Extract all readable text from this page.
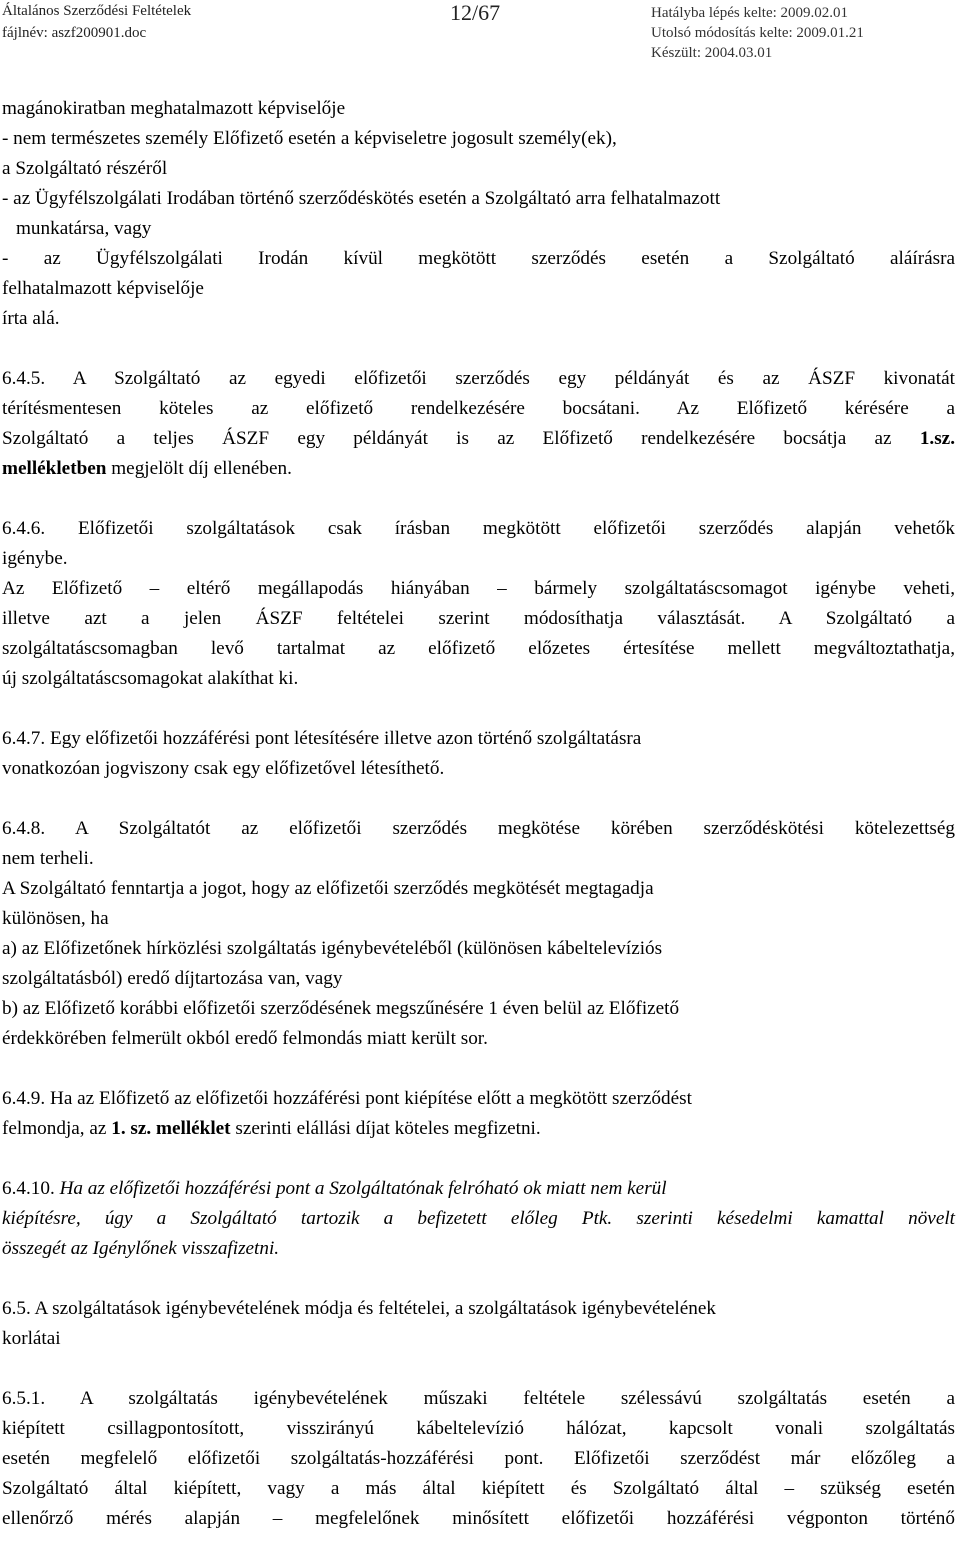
Általános Szerződési Feltételek
fájlnév: aszf200901.doc
12/67	Hatályba lépés kelte: 2009.02.01
Utolsó módosítás kelte: 2009.01.21
Készült: 2004.03.01

magánokiratban meghatalmazott képviselője

- nem természetes személy Előfizető esetén a képviseletre jogosult személy(ek),

a Szolgáltató részéről

- az Ügyfélszolgálati Irodában történő szerződéskötés esetén a Szolgáltató arra felhatalmazott

munkatársa, vagy

- az Ügyfélszolgálati Irodán kívül megkötött szerződés esetén a Szolgáltató aláírásra

felhatalmazott képviselője

írta alá.

6.4.5. A Szolgáltató az egyedi előfizetői szerződés egy példányát és az ÁSZF kivonatát

térítésmentesen köteles az előfizető rendelkezésére bocsátani. Az Előfizető kérésére a

Szolgáltató a teljes ÁSZF egy példányát is az Előfizető rendelkezésére bocsátja az 1.sz.

mellékletben megjelölt díj ellenében.

6.4.6. Előfizetői szolgáltatások csak írásban megkötött előfizetői szerződés alapján vehetők

igénybe.

Az Előfizető – eltérő megállapodás hiányában – bármely szolgáltatáscsomagot igénybe veheti,

illetve azt a jelen ÁSZF feltételei szerint módosíthatja választását. A Szolgáltató a

szolgáltatáscsomagban levő tartalmat az előfizető előzetes értesítése mellett megváltoztathatja,

új szolgáltatáscsomagokat alakíthat ki.

6.4.7. Egy előfizetői hozzáférési pont létesítésére illetve azon történő szolgáltatásra

vonatkozóan jogviszony csak egy előfizetővel létesíthető.

6.4.8. A Szolgáltatót az előfizetői szerződés megkötése körében szerződéskötési kötelezettség

nem terheli.

A Szolgáltató fenntartja a jogot, hogy az előfizetői szerződés megkötését megtagadja

különösen, ha

a) az Előfizetőnek hírközlési szolgáltatás igénybevételéből (különösen kábeltelevíziós

szolgáltatásból) eredő díjtartozása van, vagy

b) az Előfizető korábbi előfizetői szerződésének megszűnésére 1 éven belül az Előfizető

érdekkörében felmerült okból eredő felmondás miatt került sor.

6.4.9. Ha az Előfizető az előfizetői hozzáférési pont kiépítése előtt a megkötött szerződést

felmondja, az 1. sz. melléklet szerinti elállási díjat köteles megfizetni.

6.4.10. Ha az előfizetői hozzáférési pont a Szolgáltatónak felróható ok miatt nem kerül

kiépítésre, úgy a Szolgáltató tartozik a befizetett előleg Ptk. szerinti késedelmi kamattal növelt

összegét az Igénylőnek visszafizetni.

6.5. A szolgáltatások igénybevételének módja és feltételei, a szolgáltatások igénybevételének

korlátai

6.5.1. A szolgáltatás igénybevételének műszaki feltétele szélessávú szolgáltatás esetén a

kiépített csillagpontosított, visszirányú kábeltelevízió hálózat, kapcsolt vonali szolgáltatás

esetén megfelelő előfizetői szolgáltatás-hozzáférési pont. Előfizetői szerződést már előzőleg a

Szolgáltató által kiépített, vagy a más által kiépített és Szolgáltató által – szükség esetén

ellenőrző mérés alapján – megfelelőnek minősített előfizetői hozzáférési végponton történő
